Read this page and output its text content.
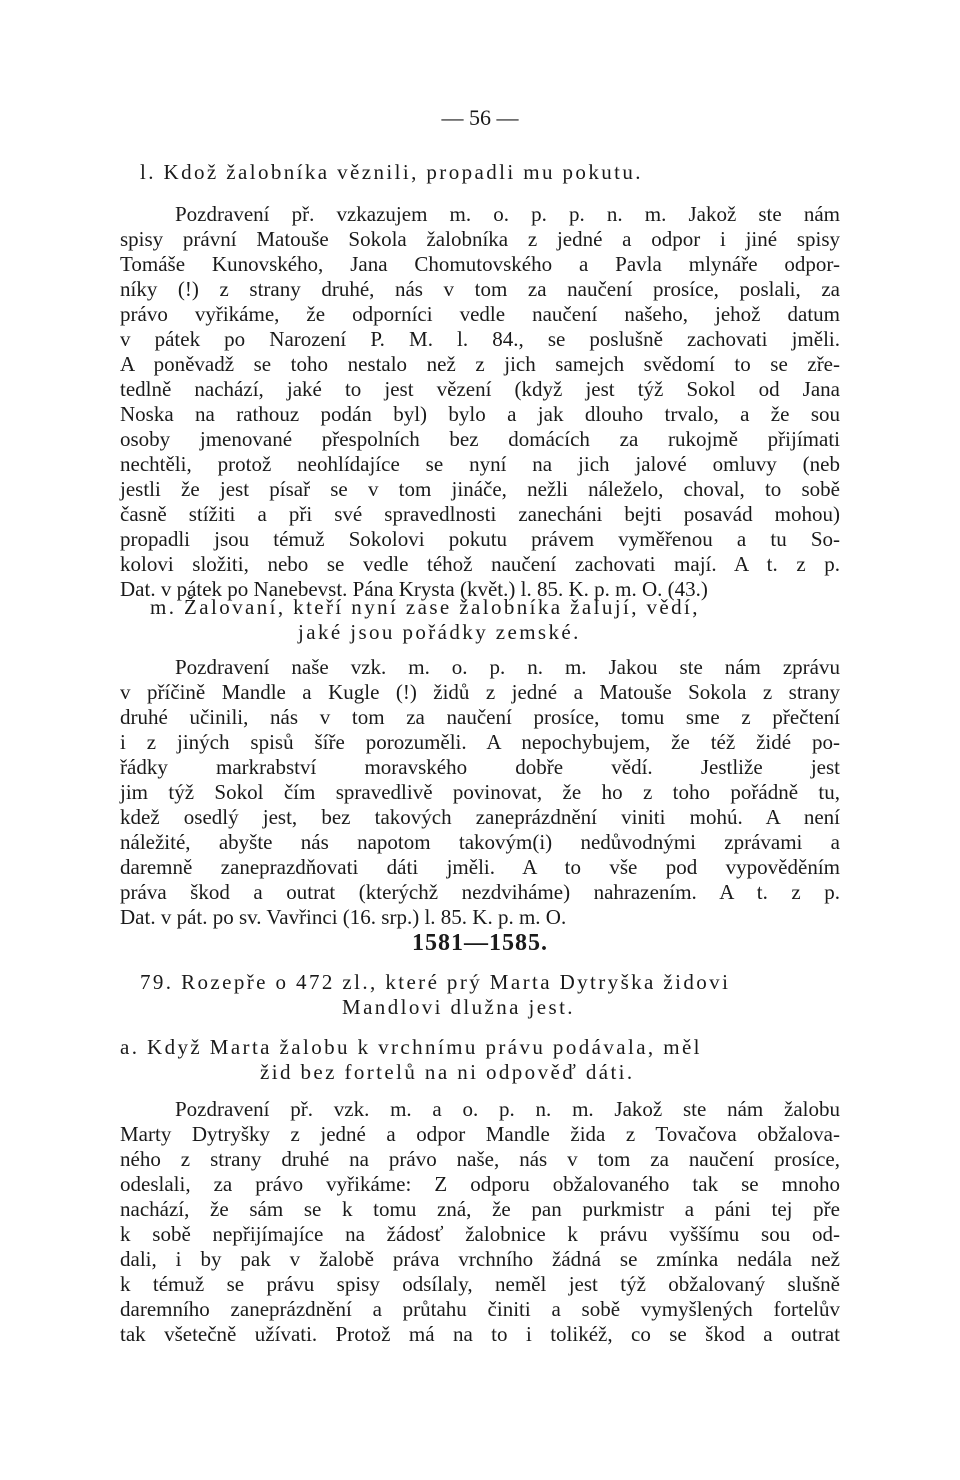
— 56 —
l. Kdož žalobníka věznili, propadli mu pokutu.
Pozdravení př. vzkazujem m. o. p. p. n. m. Jakož ste nám
spisy právní Matouše Sokola žalobníka z jedné a odpor i jiné spisy
Tomáše Kunovského, Jana Chomutovského a Pavla mlynáře odpor-
níky (!) z strany druhé, nás v tom za naučení prosíce, poslali, za
právo vyřikáme, že odporníci vedle naučení našeho, jehož datum
v pátek po Narození P. M. l. 84., se poslušně zachovati jměli.
A poněvadž se toho nestalo než z jich samejch svědomí to se zře-
tedlně nachází, jaké to jest vězení (když jest týž Sokol od Jana
Noska na rathouz podán byl) bylo a jak dlouho trvalo, a že sou
osoby jmenované přespolních bez domácích za rukojmě přijímati
nechtěli, protož neohlídajíce se nyní na jich jalové omluvy (neb
jestli že jest písař se v tom jináče, nežli náleželo, choval, to sobě
časně stížiti a při své spravedlnosti zanecháni bejti posavád mohou)
propadli jsou témuž Sokolovi pokutu právem vyměřenou a tu So-
kolovi složiti, nebo se vedle téhož naučení zachovati mají. A t. z p.
Dat. v pátek po Nanebevst. Pána Krysta (květ.) l. 85. K. p. m. O. (43.)
m. Žalovaní, kteří nyní zase žalobníka žalují, vědí,
jaké jsou pořádky zemské.
Pozdravení naše vzk. m. o. p. n. m. Jakou ste nám zprávu
v příčině Mandle a Kugle (!) židů z jedné a Matouše Sokola z strany
druhé učinili, nás v tom za naučení prosíce, tomu sme z přečtení
i z jiných spisů šíře porozuměli. A nepochybujem, že též židé po-
řádky markrabství moravského dobře vědí. Jestliže jest
jim týž Sokol čím spravedlivě povinovat, že ho z toho pořádně tu,
kdež osedlý jest, bez takových zaneprázdnění viniti mohú. A není
náležité, abyšte nás napotom takovým(i) nedůvodnými zprávami a
daremně zaneprazdňovati dáti jměli. A to vše pod vypověděním
práva škod a outrat (kterýchž nezdviháme) nahrazením. A t. z p.
Dat. v pát. po sv. Vavřinci (16. srp.) l. 85. K. p. m. O.
1581—1585.
79. Rozepře o 472 zl., které prý Marta Dytryška židovi
Mandlovi dlužna jest.
a. Když Marta žalobu k vrchnímu právu podávala, měl
žid bez fortelů na ni odpověď dáti.
Pozdravení př. vzk. m. a o. p. n. m. Jakož ste nám žalobu
Marty Dytryšky z jedné a odpor Mandle žida z Tovačova obžalova-
ného z strany druhé na právo naše, nás v tom za naučení prosíce,
odeslali, za právo vyřikáme: Z odporu obžalovaného tak se mnoho
nachází, že sám se k tomu zná, že pan purkmistr a páni tej pře
k sobě nepřijímajíce na žádosť žalobnice k právu vyššímu sou od-
dali, i by pak v žalobě práva vrchního žádná se zmínka nedála než
k témuž se právu spisy odsílaly, neměl jest týž obžalovaný slušně
daremního zaneprázdnění a průtahu činiti a sobě vymyšlených fortelův
tak všetečně užívati. Protož má na to i tolikéž, co se škod a outrat
